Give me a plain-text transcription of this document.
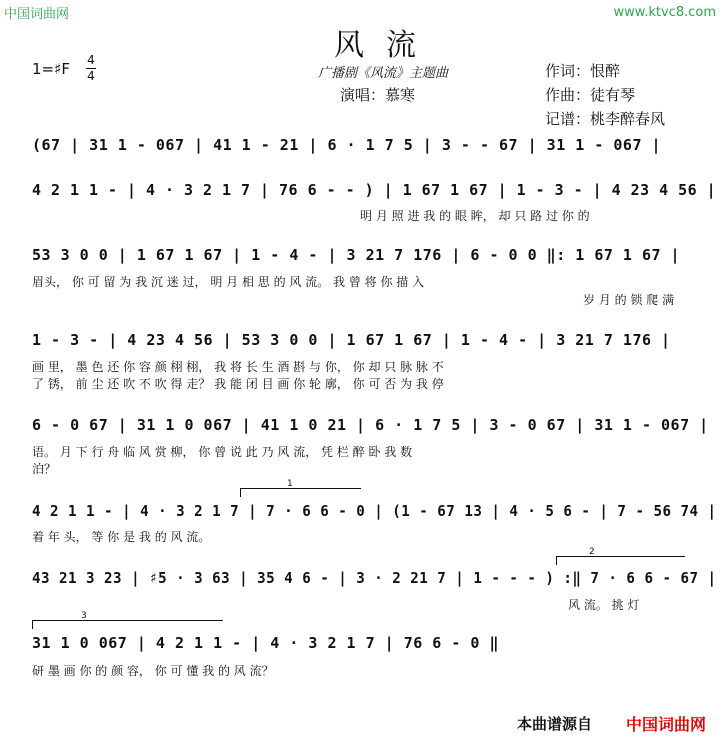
中国词曲网	www.ktvc8.com
风流
1=♯F 4
4	广播剧《风流》主题曲
演唱：慕寒
作词：恨醉
作曲：徒有琴
记谱：桃李醉春风
(67 | 31 1 - 067 | 41 1 - 21 | 6 · 1 7 5 | 3 - - 67 | 31 1 - 067 |
4 2 1 1 - | 4 · 3 2 1 7 | 76 6 - - ) | 1 67 1 67 | 1 - 3 - | 4 23 4 56 |
明 月 照 进 我 的 眼 眸， 却 只 路 过 你 的
53 3 0 0 | 1 67 1 67 | 1 - 4 - | 3 21 7 176 | 6 - 0 0 ‖: 1 67 1 67 |
眉头， 你 可 留 为 我 沉 迷 过， 明 月 相 思 的 风 流。 我 曾 将 你 描 入
岁 月 的 锁 爬 满
1 - 3 - | 4 23 4 56 | 53 3 0 0 | 1 67 1 67 | 1 - 4 - | 3 21 7 176 |
画 里， 墨 色 还 你 容 颜 栩 栩， 我 将 长 生 酒 斟 与 你， 你 却 只 脉 脉 不
了 锈， 前 尘 还 吹 不 吹 得 走？ 我 能 闭 目 画 你 轮 廓， 你 可 否 为 我 停
6 - 0 67 | 31 1 0 067 | 41 1 0 21 | 6 · 1 7 5 | 3 - 0 67 | 31 1 - 067 |
语。 月 下 行 舟 临 风 赏 柳， 你 曾 说 此 乃 风 流， 凭 栏 醉 卧 我 数
泊？
1
4 2 1 1 - | 4 · 3 2 1 7 | 7 · 6 6 - 0 | (1 - 67 13 | 4 · 5 6 - | 7 - 56 74 |
着 年 头， 等 你 是 我 的 风 流。
2
43 21 3 23 | ♯5 · 3 63 | 35 4 6 - | 3 · 2 21 7 | 1 - - - ) :‖ 7 · 6 6 - 67 |
风 流。 挑 灯
3
31 1 0 067 | 4 2 1 1 - | 4 · 3 2 1 7 | 76 6 - 0 ‖
研 墨 画 你 的 颜 容， 你 可 懂 我 的 风 流？
本曲谱源自 中国词曲网
